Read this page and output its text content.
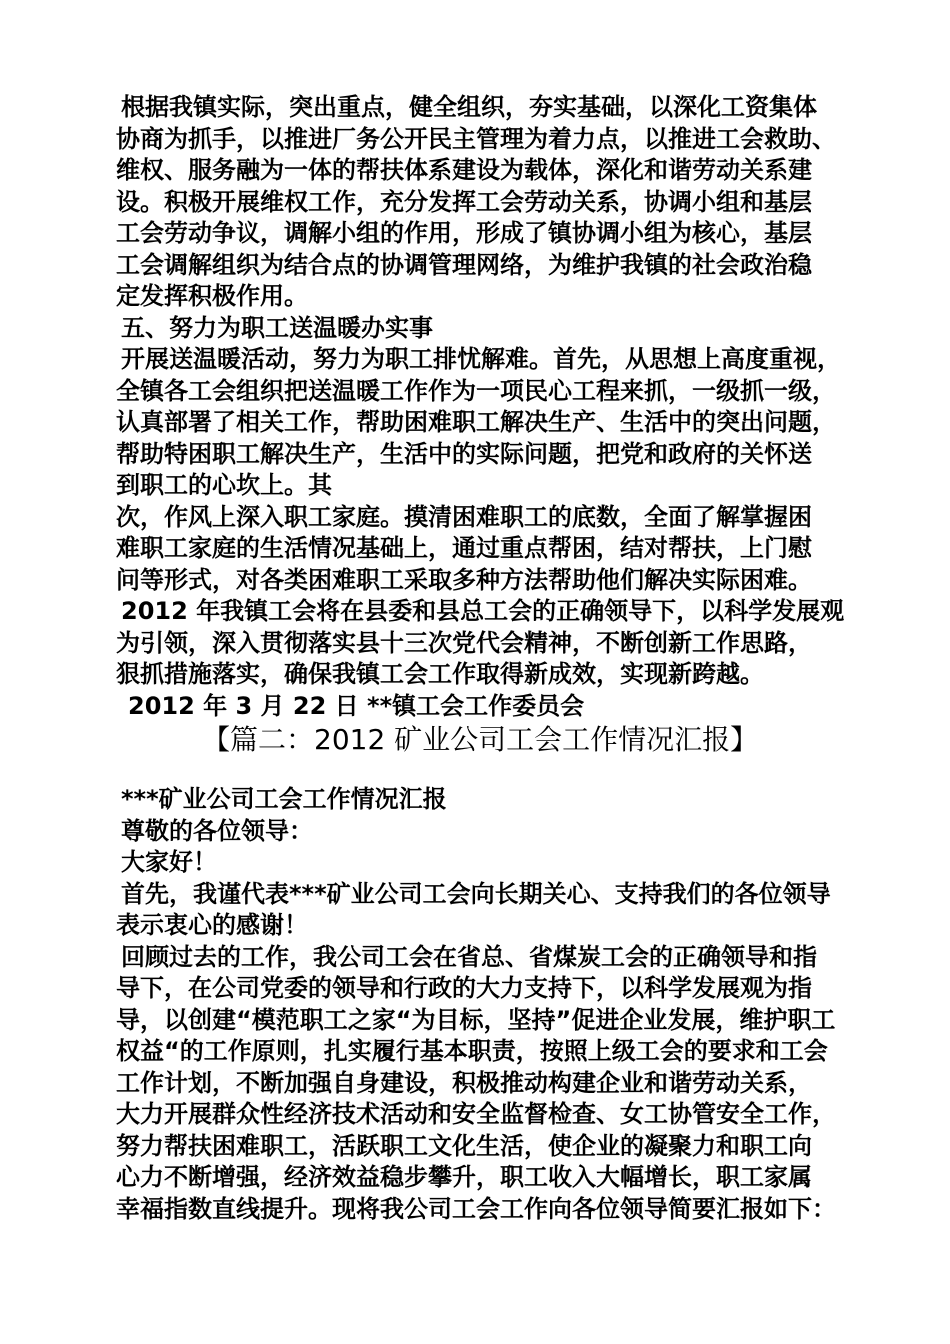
根据我镇实际，突出重点，健全组织，夯实基础，以深化工资集体
协商为抓手，以推进厂务公开民主管理为着力点，以推进工会救助、
维权、服务融为一体的帮扶体系建设为载体，深化和谐劳动关系建
设。积极开展维权工作，充分发挥工会劳动关系，协调小组和基层
工会劳动争议，调解小组的作用，形成了镇协调小组为核心，基层
工会调解组织为结合点的协调管理网络，为维护我镇的社会政治稳
定发挥积极作用。
五、努力为职工送温暖办实事
开展送温暖活动，努力为职工排忧解难。首先，从思想上高度重视，
全镇各工会组织把送温暖工作作为一项民心工程来抓，一级抓一级，
认真部署了相关工作，帮助困难职工解决生产、生活中的突出问题，
帮助特困职工解决生产，生活中的实际问题，把党和政府的关怀送
到职工的心坎上。其
次，作风上深入职工家庭。摸清困难职工的底数，全面了解掌握困
难职工家庭的生活情况基础上，通过重点帮困，结对帮扶，上门慰
问等形式，对各类困难职工采取多种方法帮助他们解决实际困难。
2012 年我镇工会将在县委和县总工会的正确领导下，以科学发展观
为引领，深入贯彻落实县十三次党代会精神，不断创新工作思路，
狠抓措施落实，确保我镇工会工作取得新成效，实现新跨越。
2012 年 3 月 22 日 **镇工会工作委员会
【篇二：2012 矿业公司工会工作情况汇报】
***矿业公司工会工作情况汇报
尊敬的各位领导：
大家好！
首先，我谨代表***矿业公司工会向长期关心、支持我们的各位领导
表示衷心的感谢！
回顾过去的工作，我公司工会在省总、省煤炭工会的正确领导和指
导下，在公司党委的领导和行政的大力支持下，以科学发展观为指
导，以创建“模范职工之家“为目标，坚持”促进企业发展，维护职工
权益“的工作原则，扎实履行基本职责，按照上级工会的要求和工会
工作计划，不断加强自身建设，积极推动构建企业和谐劳动关系，
大力开展群众性经济技术活动和安全监督检查、女工协管安全工作，
努力帮扶困难职工，活跃职工文化生活，使企业的凝聚力和职工向
心力不断增强，经济效益稳步攀升，职工收入大幅增长，职工家属
幸福指数直线提升。现将我公司工会工作向各位领导简要汇报如下：
